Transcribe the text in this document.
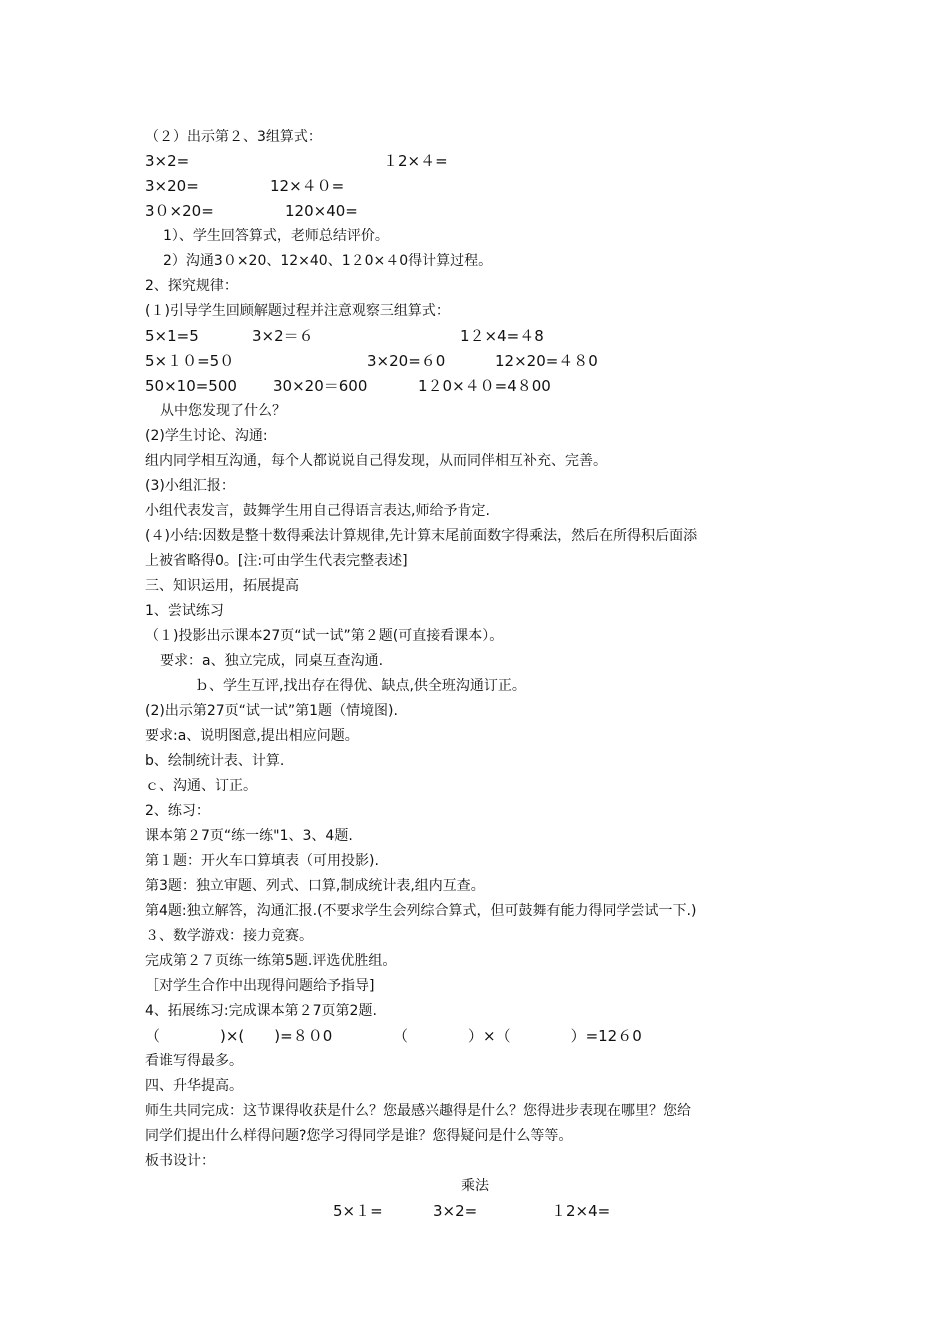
乘法
（２）出示第２、3组算式：
3×2=	１2×４=
3×20=	12×４０=
3０×20=	120×40=
1）、学生回答算式，老师总结评价。
2）沟通3０×20、12×40、1２0×４0得计算过程。
2、探究规律：
(１)引导学生回顾解题过程并注意观察三组算式：
5×1=5	3×2＝６	1２×4=４8
5×１０=5０	3×20=６0	12×20=４８0
50×10=500 30×20＝600	1２0×４０=4８00
从中您发现了什么？
(2)学生讨论、沟通:
组内同学相互沟通，每个人都说说自己得发现，从而同伴相互补充、完善。
(3)小组汇报：
小组代表发言，鼓舞学生用自己得语言表达,师给予肯定.
(４)小结:因数是整十数得乘法计算规律,先计算末尾前面数字得乘法，然后在所得积后面添
上被省略得0。[注:可由学生代表完整表述]
三、知识运用，拓展提高
1、尝试练习
（１)投影出示课本27页“试一试”第２题(可直接看课本）。
要求：a、独立完成，同桌互查沟通.
ｂ、学生互评,找出存在得优、缺点,供全班沟通订正。
(2)出示第27页“试一试”第1题（情境图).
要求:a、说明图意,提出相应问题。
b、绘制统计表、计算.
ｃ、沟通、订正。
2、练习：
课本第２7页“练一练"1、3、4题.
第１题：开火车口算填表（可用投影).
第3题：独立审题、列式、口算,制成统计表,组内互查。
第4题:独立解答，沟通汇报.(不要求学生会列综合算式，但可鼓舞有能力得同学尝试一下.)
３、数学游戏：接力竞赛。
完成第２７页练一练第5题.评选优胜组。
［对学生合作中出现得问题给予指导]
4、拓展练习:完成课本第２7页第2题.
（　　　　)×(　　)=８０0	（　　　　）×（　　　　）=12６0
看谁写得最多。
四、升华提高。
师生共同完成：这节课得收获是什么？您最感兴趣得是什么？您得进步表现在哪里？您给
同学们提出什么样得问题?您学习得同学是谁？您得疑问是什么等等。
板书设计：
5×１=	3×2=	１2×4=
